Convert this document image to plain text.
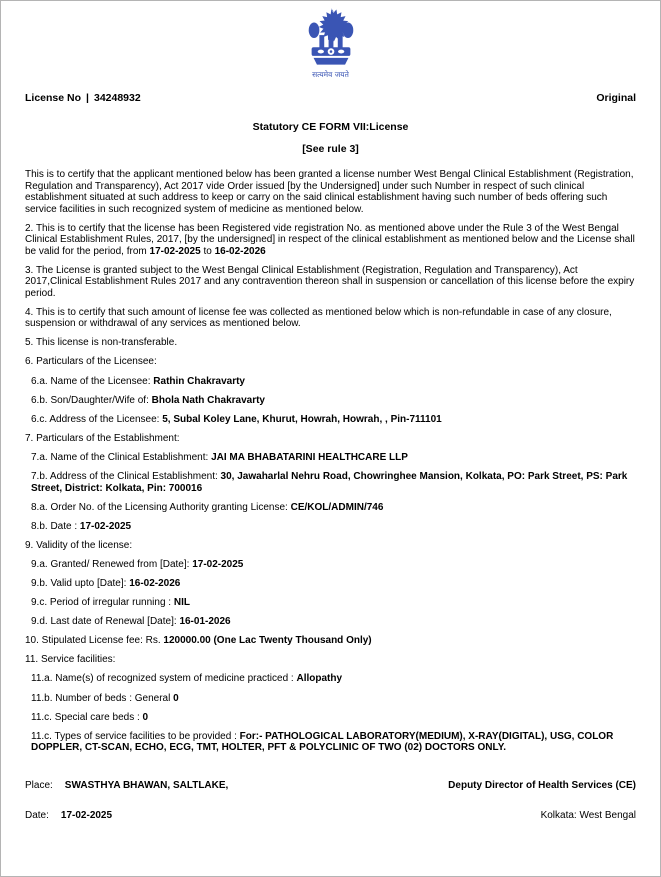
सत्यमेव जयते
License No | 34248932	Original
Statutory CE FORM VII:License
[See rule 3]
This is to certify that the applicant mentioned below has been granted a license number West Bengal Clinical Establishment (Registration, Regulation and Transparency), Act 2017 vide Order issued [by the Undersigned] under such Number in respect of such clinical establishment situated at such address to keep or carry on the said clinical establishment having such number of beds offering such service facilities in such recognized system of medicine as mentioned below.
2. This is to certify that the license has been Registered vide registration No. as mentioned above under the Rule 3 of the West Bengal Clinical Establishment Rules, 2017, [by the undersigned] in respect of the clinical establishment as mentioned below and the License shall be valid for the period, from 17-02-2025 to 16-02-2026
3. The License is granted subject to the West Bengal Clinical Establishment (Registration, Regulation and Transparency), Act 2017,Clinical Establishment Rules 2017 and any contravention thereon shall in suspension or cancellation of this license before the expiry period.
4. This is to certify that such amount of license fee was collected as mentioned below which is non-refundable in case of any closure, suspension or withdrawal of any services as mentioned below.
5. This license is non-transferable.
6. Particulars of the Licensee:
6.a. Name of the Licensee: Rathin Chakravarty
6.b. Son/Daughter/Wife of: Bhola Nath Chakravarty
6.c. Address of the Licensee: 5, Subal Koley Lane, Khurut, Howrah, Howrah, , Pin-711101
7. Particulars of the Establishment:
7.a. Name of the Clinical Establishment: JAI MA BHABATARINI HEALTHCARE LLP
7.b. Address of the Clinical Establishment: 30, Jawaharlal Nehru Road, Chowringhee Mansion, Kolkata, PO: Park Street, PS: Park Street, District: Kolkata, Pin: 700016
8.a. Order No. of the Licensing Authority granting License: CE/KOL/ADMIN/746
8.b. Date : 17-02-2025
9. Validity of the license:
9.a. Granted/ Renewed from [Date]: 17-02-2025
9.b. Valid upto [Date]: 16-02-2026
9.c. Period of irregular running : NIL
9.d. Last date of Renewal [Date]: 16-01-2026
10. Stipulated License fee: Rs. 120000.00 (One Lac Twenty Thousand Only)
11. Service facilities:
11.a. Name(s) of recognized system of medicine practiced : Allopathy
11.b. Number of beds : General 0
11.c. Special care beds : 0
11.c. Types of service facilities to be provided : For:- PATHOLOGICAL LABORATORY(MEDIUM), X-RAY(DIGITAL), USG, COLOR DOPPLER, CT-SCAN, ECHO, ECG, TMT, HOLTER, PFT & POLYCLINIC OF TWO (02) DOCTORS ONLY.
Place: SWASTHYA BHAWAN, SALTLAKE,	Deputy Director of Health Services (CE)
Date: 17-02-2025	Kolkata: West Bengal
